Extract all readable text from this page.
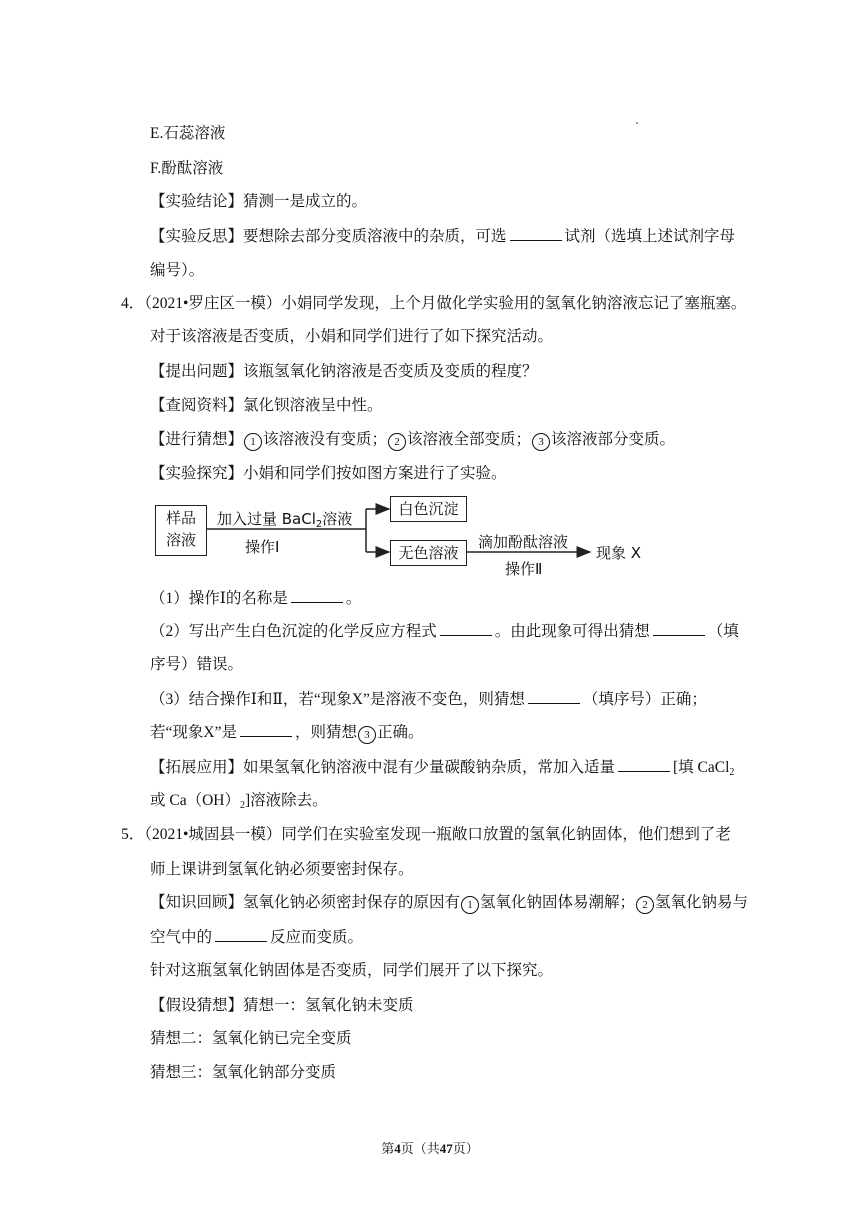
E.石蕊溶液
F.酚酞溶液
【实验结论】猜测一是成立的。
【实验反思】要想除去部分变质溶液中的杂质，可选	试剂（选填上述试剂字母
编号）。
4．（2021•罗庄区一模）小娟同学发现，上个月做化学实验用的氢氧化钠溶液忘记了塞瓶塞。
对于该溶液是否变质，小娟和同学们进行了如下探究活动。
【提出问题】该瓶氢氧化钠溶液是否变质及变质的程度？
【查阅资料】氯化钡溶液呈中性。
【进行猜想】 1 该溶液没有变质； 2 该溶液全部变质； 3 该溶液部分变质。
【实验探究】小娟和同学们按如图方案进行了实验。
样品
溶液
加入过量 BaCl$_2$溶液
操作Ⅰ
白色沉淀
无色溶液
滴加酚酞溶液
操作Ⅱ
现象 X
（1）操作Ⅰ的名称是	。
（2）写出产生白色沉淀的化学反应方程式	。由此现象可得出猜想	（填
序号）错误。
（3）结合操作Ⅰ和Ⅱ，若“现象X”是溶液不变色，则猜想	（填序号）正确；
若“现象X”是	，则猜想 3 正确。
【拓展应用】如果氢氧化钠溶液中混有少量碳酸钠杂质，常加入适量	[填 CaCl$_2$
或 $Ca(OH)_2$]溶液除去。
5．（2021•城固县一模）同学们在实验室发现一瓶敞口放置的氢氧化钠固体，他们想到了老
师上课讲到氢氧化钠必须要密封保存。
【知识回顾】氢氧化钠必须密封保存的原因有 1 氢氧化钠固体易潮解； 2 氢氧化钠易与
空气中的	反应而变质。
针对这瓶氢氧化钠固体是否变质，同学们展开了以下探究。
【假设猜想】猜想一：氢氧化钠未变质
猜想二：氢氧化钠已完全变质
猜想三：氢氧化钠部分变质
第4页（共47页）
